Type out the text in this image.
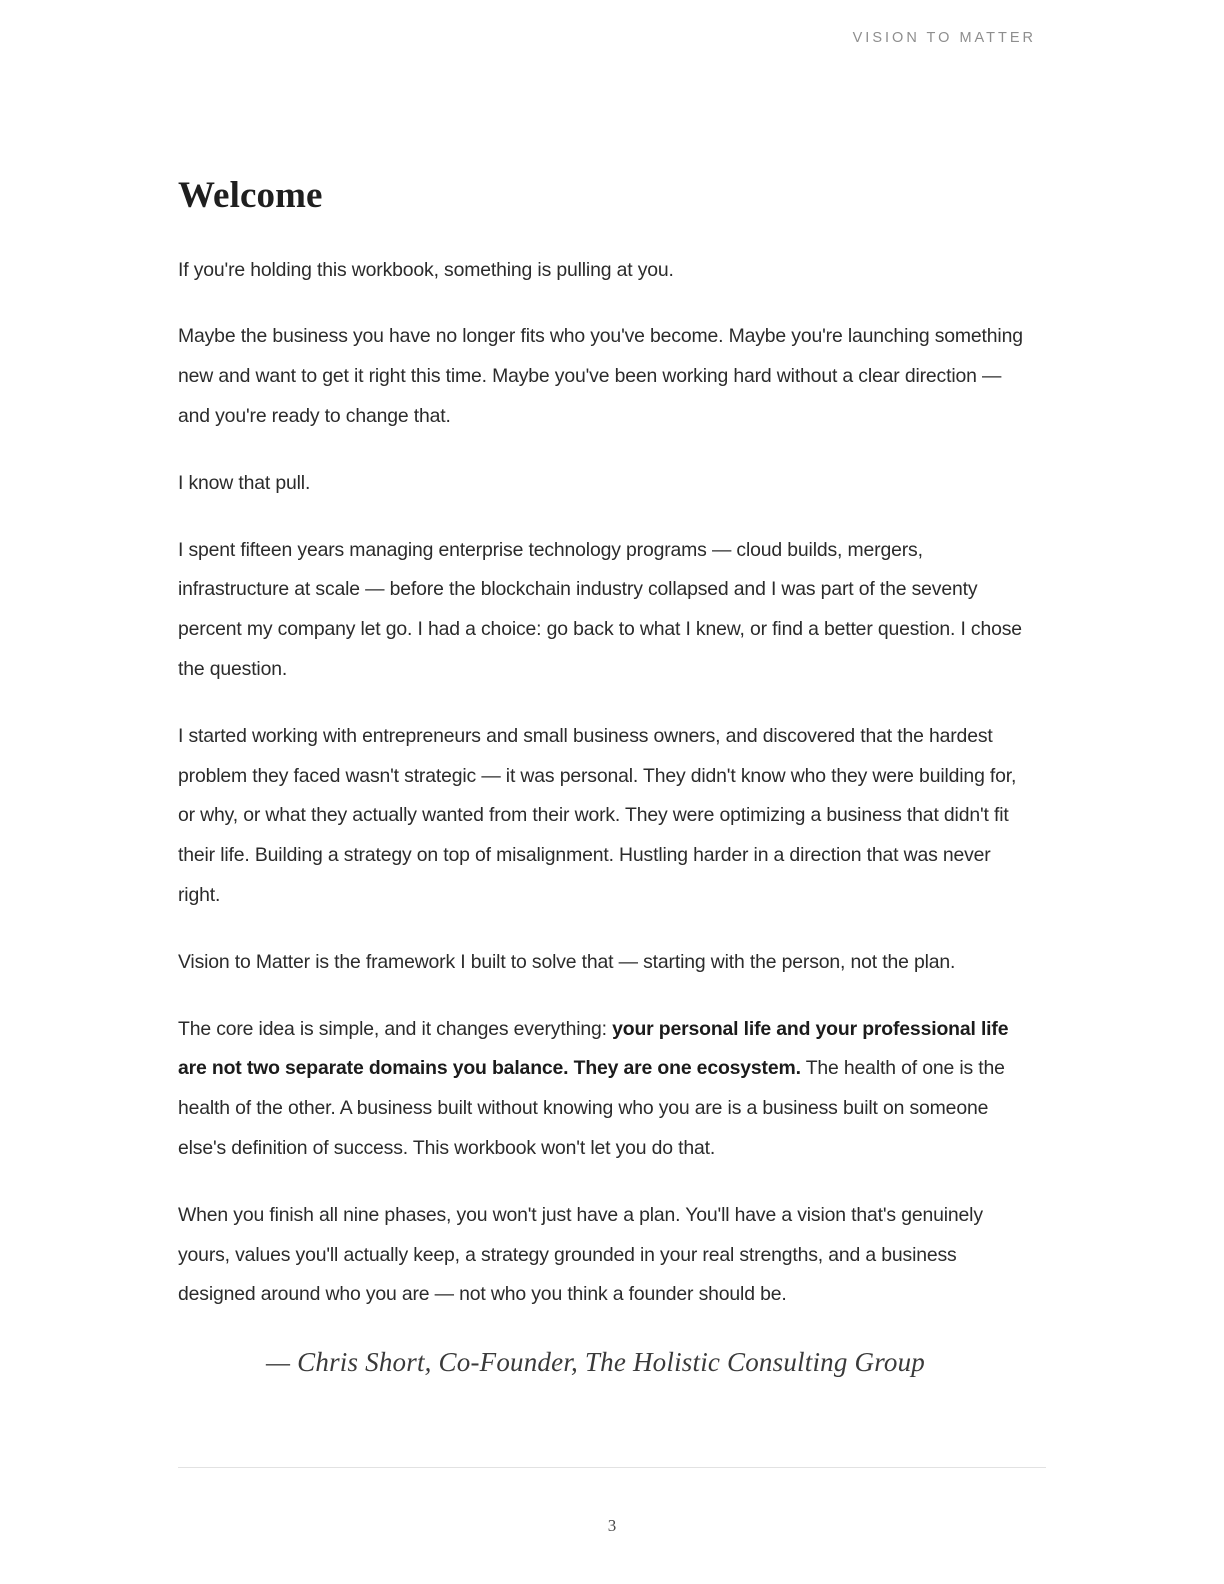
VISION TO MATTER
Welcome

If you're holding this workbook, something is pulling at you.

Maybe the business you have no longer fits who you've become. Maybe you're launching something new and want to get it right this time. Maybe you've been working hard without a clear direction — and you're ready to change that.

I know that pull.

I spent fifteen years managing enterprise technology programs — cloud builds, mergers, infrastructure at scale — before the blockchain industry collapsed and I was part of the seventy percent my company let go. I had a choice: go back to what I knew, or find a better question. I chose the question.

I started working with entrepreneurs and small business owners, and discovered that the hardest problem they faced wasn't strategic — it was personal. They didn't know who they were building for, or why, or what they actually wanted from their work. They were optimizing a business that didn't fit their life. Building a strategy on top of misalignment. Hustling harder in a direction that was never right.

Vision to Matter is the framework I built to solve that — starting with the person, not the plan.

The core idea is simple, and it changes everything: your personal life and your professional life are not two separate domains you balance. They are one ecosystem. The health of one is the health of the other. A business built without knowing who you are is a business built on someone else's definition of success. This workbook won't let you do that.

When you finish all nine phases, you won't just have a plan. You'll have a vision that's genuinely yours, values you'll actually keep, a strategy grounded in your real strengths, and a business designed around who you are — not who you think a founder should be.

— Chris Short, Co-Founder, The Holistic Consulting Group

3
